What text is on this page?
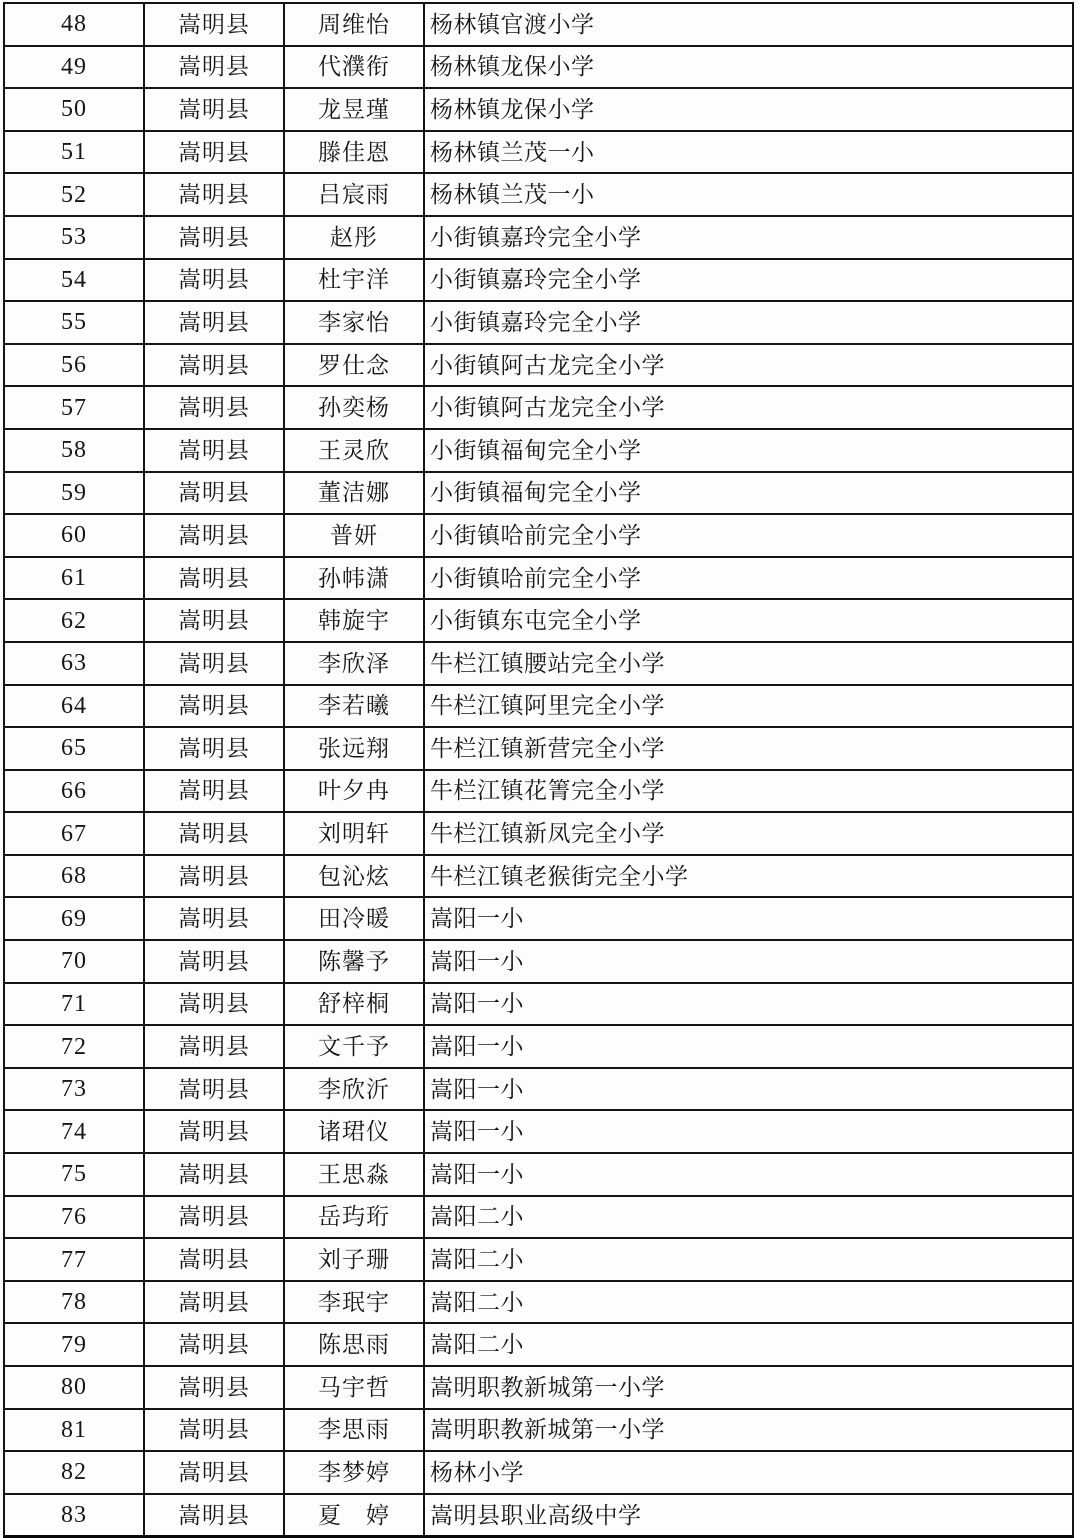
48	嵩明县	周维怡	杨林镇官渡小学
49	嵩明县	代濮衔	杨林镇龙保小学
50	嵩明县	龙昱瑾	杨林镇龙保小学
51	嵩明县	滕佳恩	杨林镇兰茂一小
52	嵩明县	吕宸雨	杨林镇兰茂一小
53	嵩明县	赵彤	小街镇嘉玲完全小学
54	嵩明县	杜宇洋	小街镇嘉玲完全小学
55	嵩明县	李家怡	小街镇嘉玲完全小学
56	嵩明县	罗仕念	小街镇阿古龙完全小学
57	嵩明县	孙奕杨	小街镇阿古龙完全小学
58	嵩明县	王灵欣	小街镇福甸完全小学
59	嵩明县	董洁娜	小街镇福甸完全小学
60	嵩明县	普妍	小街镇哈前完全小学
61	嵩明县	孙帏潇	小街镇哈前完全小学
62	嵩明县	韩旋宇	小街镇东屯完全小学
63	嵩明县	李欣泽	牛栏江镇腰站完全小学
64	嵩明县	李若曦	牛栏江镇阿里完全小学
65	嵩明县	张远翔	牛栏江镇新营完全小学
66	嵩明县	叶夕冉	牛栏江镇花箐完全小学
67	嵩明县	刘明轩	牛栏江镇新凤完全小学
68	嵩明县	包沁炫	牛栏江镇老猴街完全小学
69	嵩明县	田冷暖	嵩阳一小
70	嵩明县	陈馨予	嵩阳一小
71	嵩明县	舒梓桐	嵩阳一小
72	嵩明县	文千予	嵩阳一小
73	嵩明县	李欣沂	嵩阳一小
74	嵩明县	诸珺仪	嵩阳一小
75	嵩明县	王思淼	嵩阳一小
76	嵩明县	岳玙珩	嵩阳二小
77	嵩明县	刘子珊	嵩阳二小
78	嵩明县	李珉宇	嵩阳二小
79	嵩明县	陈思雨	嵩阳二小
80	嵩明县	马宇哲	嵩明职教新城第一小学
81	嵩明县	李思雨	嵩明职教新城第一小学
82	嵩明县	李梦婷	杨林小学
83	嵩明县	夏　婷	嵩明县职业高级中学
